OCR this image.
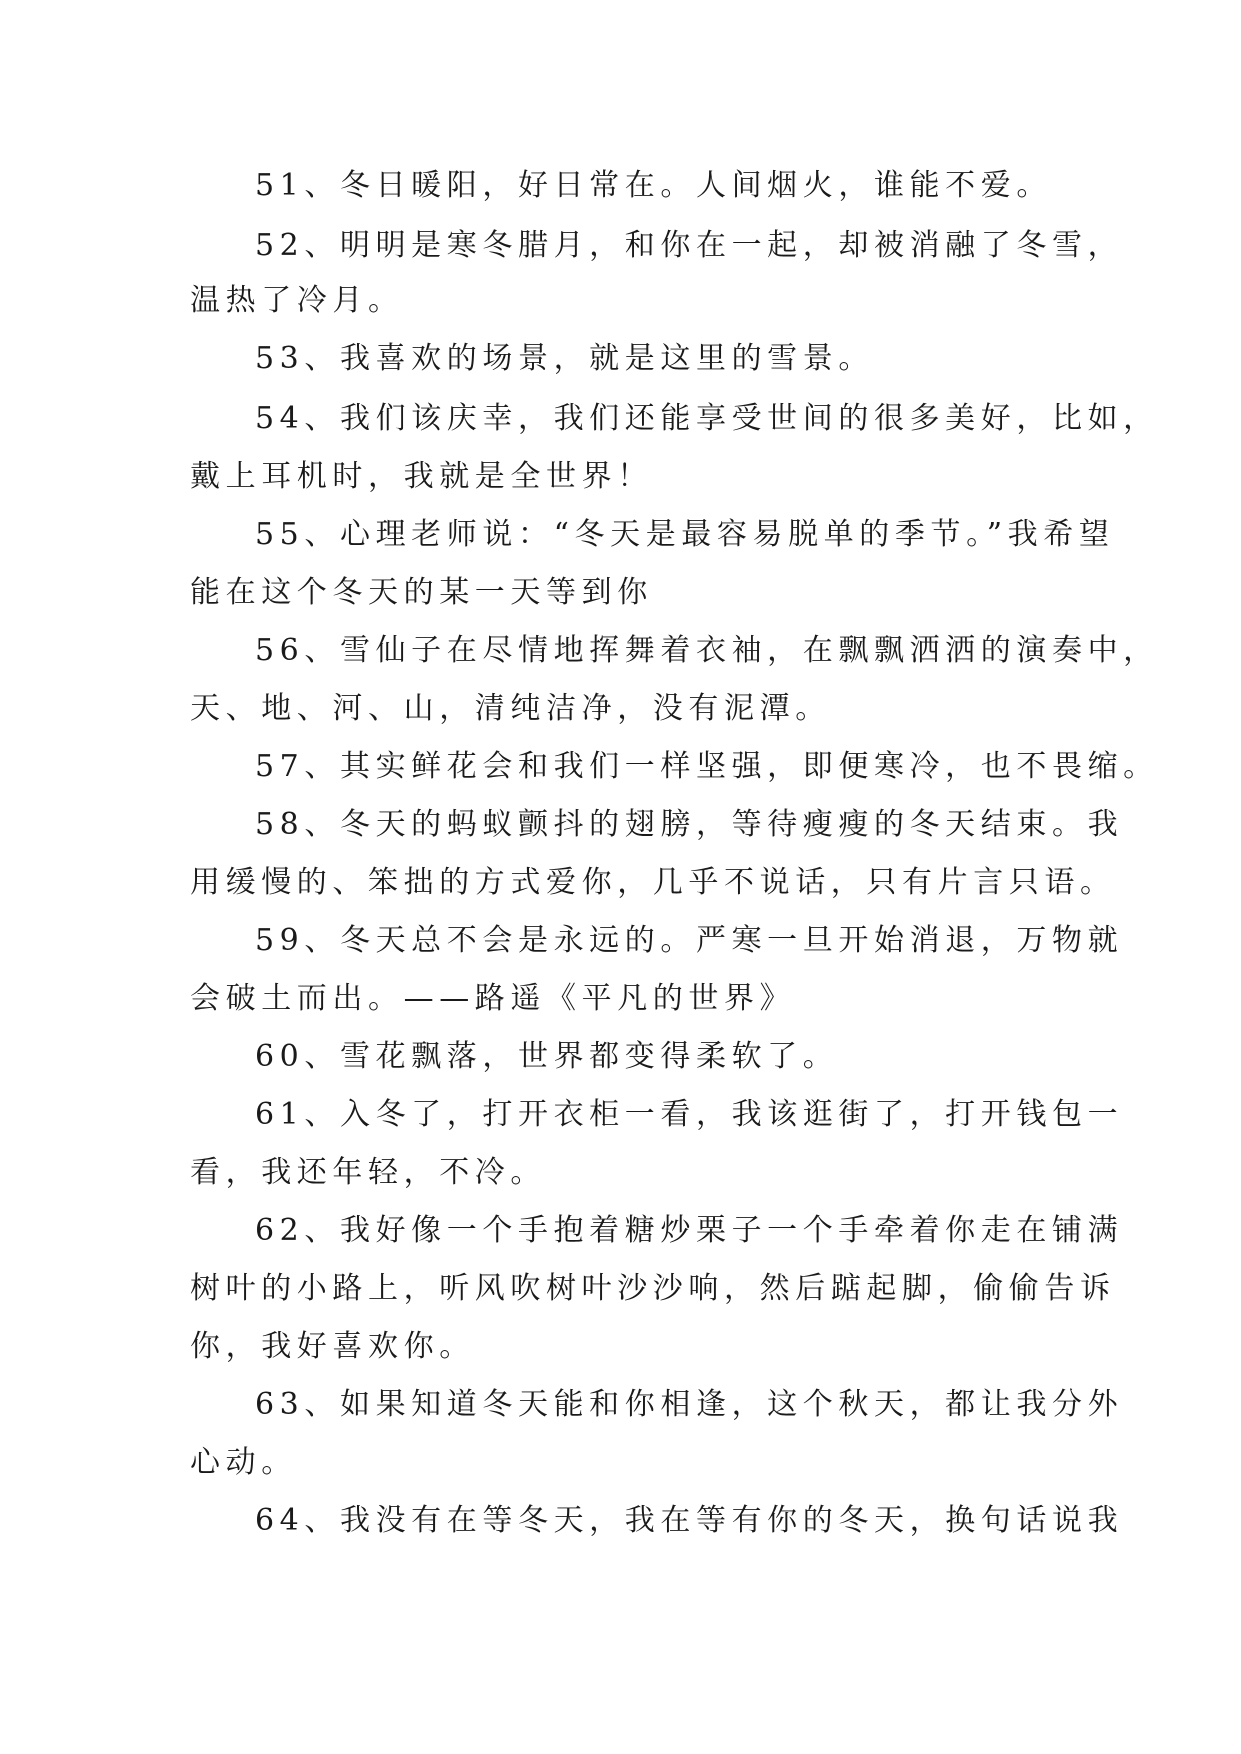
51、冬日暖阳，好日常在。人间烟火，谁能不爱。
52、明明是寒冬腊月，和你在一起，却被消融了冬雪，
温热了冷月。
53、我喜欢的场景，就是这里的雪景。
54、我们该庆幸，我们还能享受世间的很多美好，比如，
戴上耳机时，我就是全世界！
55、心理老师说：“冬天是最容易脱单的季节。”我希望
能在这个冬天的某一天等到你
56、雪仙子在尽情地挥舞着衣袖，在飘飘洒洒的演奏中，
天、地、河、山，清纯洁净，没有泥潭。
57、其实鲜花会和我们一样坚强，即便寒冷，也不畏缩。
58、冬天的蚂蚁颤抖的翅膀，等待瘦瘦的冬天结束。我
用缓慢的、笨拙的方式爱你，几乎不说话，只有片言只语。
59、冬天总不会是永远的。严寒一旦开始消退，万物就
会破土而出。——路遥《平凡的世界》
60、雪花飘落，世界都变得柔软了。
61、入冬了，打开衣柜一看，我该逛街了，打开钱包一
看，我还年轻，不冷。
62、我好像一个手抱着糖炒栗子一个手牵着你走在铺满
树叶的小路上，听风吹树叶沙沙响，然后踮起脚，偷偷告诉
你，我好喜欢你。
63、如果知道冬天能和你相逢，这个秋天，都让我分外
心动。
64、我没有在等冬天，我在等有你的冬天，换句话说我
